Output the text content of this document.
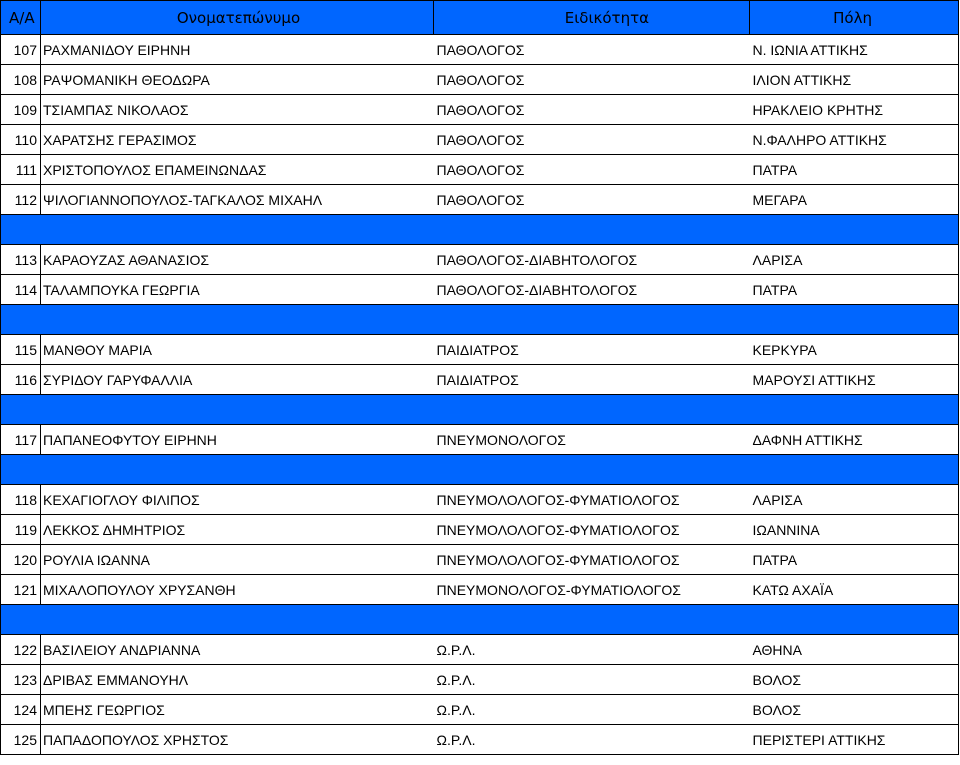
Α/Α	Ονοματεπώνυμο	Ειδικότητα	Πόλη
107	ΡΑΧΜΑΝΙΔΟΥ ΕΙΡΗΝΗ	ΠΑΘΟΛΟΓΟΣ	Ν. ΙΩΝΙΑ ΑΤΤΙΚΗΣ
108	ΡΑΨΟΜΑΝΙΚΗ ΘΕΟΔΩΡΑ	ΠΑΘΟΛΟΓΟΣ	ΙΛΙΟΝ ΑΤΤΙΚΗΣ
109	ΤΣΙΑΜΠΑΣ ΝΙΚΟΛΑΟΣ	ΠΑΘΟΛΟΓΟΣ	ΗΡΑΚΛΕΙΟ ΚΡΗΤΗΣ
110	ΧΑΡΑΤΣΗΣ ΓΕΡΑΣΙΜΟΣ	ΠΑΘΟΛΟΓΟΣ	Ν.ΦΑΛΗΡΟ ΑΤΤΙΚΗΣ
111	ΧΡΙΣΤΟΠΟΥΛΟΣ ΕΠΑΜΕΙΝΩΝΔΑΣ	ΠΑΘΟΛΟΓΟΣ	ΠΑΤΡΑ
112	ΨΙΛΟΓΙΑΝΝΟΠΟΥΛΟΣ-ΤΑΓΚΑΛΟΣ ΜΙΧΑΗΛ	ΠΑΘΟΛΟΓΟΣ	ΜΕΓΑΡΑ

113	ΚΑΡΑΟΥΖΑΣ ΑΘΑΝΑΣΙΟΣ	ΠΑΘΟΛΟΓΟΣ-ΔΙΑΒΗΤΟΛΟΓΟΣ	ΛΑΡΙΣΑ
114	ΤΑΛΑΜΠΟΥΚΑ ΓΕΩΡΓΙΑ	ΠΑΘΟΛΟΓΟΣ-ΔΙΑΒΗΤΟΛΟΓΟΣ	ΠΑΤΡΑ

115	ΜΑΝΘΟΥ ΜΑΡΙΑ	ΠΑΙΔΙΑΤΡΟΣ	ΚΕΡΚΥΡΑ
116	ΣΥΡΙΔΟΥ ΓΑΡΥΦΑΛΛΙΑ	ΠΑΙΔΙΑΤΡΟΣ	ΜΑΡΟΥΣΙ ΑΤΤΙΚΗΣ

117	ΠΑΠΑΝΕΟΦΥΤΟΥ ΕΙΡΗΝΗ	ΠΝΕΥΜΟΝΟΛΟΓΟΣ	ΔΑΦΝΗ ΑΤΤΙΚΗΣ

118	ΚΕΧΑΓΙΟΓΛΟΥ ΦΙΛΙΠΟΣ	ΠΝΕΥΜΟΛΟΛΟΓΟΣ-ΦΥΜΑΤΙΟΛΟΓΟΣ	ΛΑΡΙΣΑ
119	ΛΕΚΚΟΣ ΔΗΜΗΤΡΙΟΣ	ΠΝΕΥΜΟΛΟΛΟΓΟΣ-ΦΥΜΑΤΙΟΛΟΓΟΣ	ΙΩΑΝΝΙΝΑ
120	ΡΟΥΛΙΑ ΙΩΑΝΝΑ	ΠΝΕΥΜΟΛΟΛΟΓΟΣ-ΦΥΜΑΤΙΟΛΟΓΟΣ	ΠΑΤΡΑ
121	ΜΙΧΑΛΟΠΟΥΛΟΥ ΧΡΥΣΑΝΘΗ	ΠΝΕΥΜΟΝΟΛΟΓΟΣ-ΦΥΜΑΤΙΟΛΟΓΟΣ	ΚΑΤΩ ΑΧΑΪΑ

122	ΒΑΣΙΛΕΙΟΥ ΑΝΔΡΙΑΝΝΑ	Ω.Ρ.Λ.	ΑΘΗΝΑ
123	ΔΡΙΒΑΣ ΕΜΜΑΝΟΥΗΛ	Ω.Ρ.Λ.	ΒΟΛΟΣ
124	ΜΠΕΗΣ ΓΕΩΡΓΙΟΣ	Ω.Ρ.Λ.	ΒΟΛΟΣ
125	ΠΑΠΑΔΟΠΟΥΛΟΣ ΧΡΗΣΤΟΣ	Ω.Ρ.Λ.	ΠΕΡΙΣΤΕΡΙ ΑΤΤΙΚΗΣ
